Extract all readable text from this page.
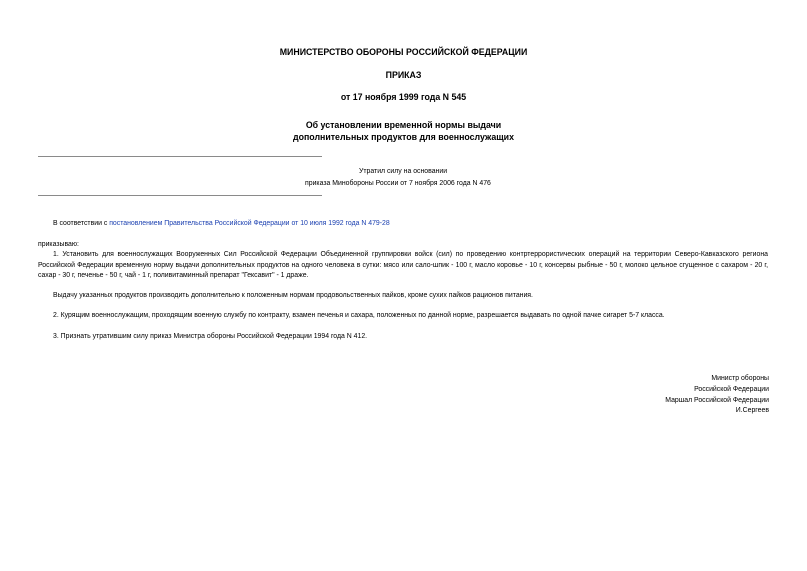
МИНИСТЕРСТВО ОБОРОНЫ РОССИЙСКОЙ ФЕДЕРАЦИИ
ПРИКАЗ
от 17 ноября 1999 года N 545
Об установлении временной нормы выдачи
дополнительных продуктов для военнослужащих
Утратил силу на основании
приказа Минобороны России от 7 ноября 2006 года N 476
В соответствии с постановлением Правительства Российской Федерации от 10 июля 1992 года N 479-28
приказываю:
1. Установить для военнослужащих Вооруженных Сил Российской Федерации Объединенной группировки войск (сил) по проведению контртеррористических операций на территории Северо-Кавказского региона Российской Федерации временную норму выдачи дополнительных продуктов на одного человека в сутки: мясо или сало-шпик - 100 г, масло коровье - 10 г, консервы рыбные - 50 г, молоко цельное сгущенное с сахаром - 20 г, сахар - 30 г, печенье - 50 г, чай - 1 г, поливитаминный препарат "Гексавит" - 1 драже.
Выдачу указанных продуктов производить дополнительно к положенным нормам продовольственных пайков, кроме сухих пайков рационов питания.
2. Курящим военнослужащим, проходящим военную службу по контракту, взамен печенья и сахара, положенных по данной норме, разрешается выдавать по одной пачке сигарет 5-7 класса.
3. Признать утратившим силу приказ Министра обороны Российской Федерации 1994 года N 412.
Министр обороны
Российской Федерации
Маршал Российской Федерации
И.Сергеев
